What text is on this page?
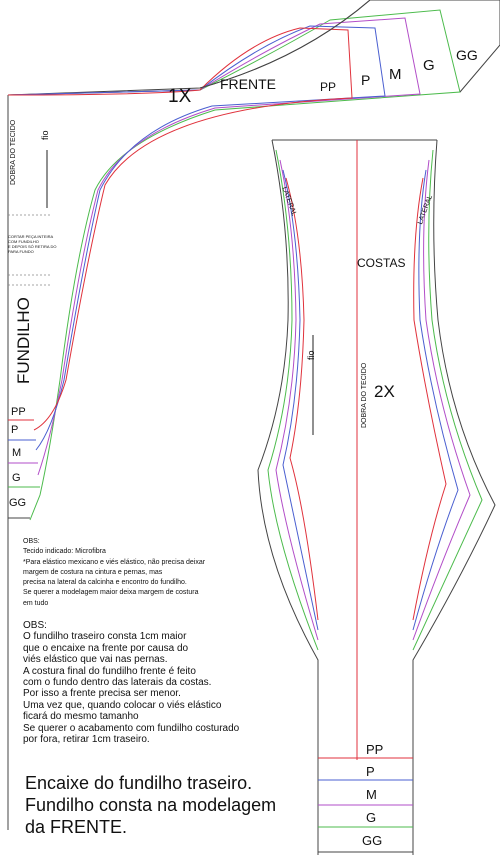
FRENTE
1X	PP P M
G
GG
DOBRA DO TECIDO	fio
CORTAR PEÇA INTEIRA
COM FUNDILHO
E DEPOIS SÓ RETIRA DO
PARA FUNDO
FUNDILHO
PP
P
M
G
GG
COSTAS
2X
DOBRA DO TECIDO
fio
LATERAL	LATERAL
PP
P
M
G
GG
OBS:
Tecido indicado: Microfibra
*Para elástico mexicano e viés elástico, não precisa deixar
margem de costura na cintura e pernas, mas
precisa na lateral da calcinha e encontro do fundilho.
Se querer a modelagem maior deixa margem de costura
em tudo
OBS:
O fundilho traseiro consta 1cm maior
que o encaixe na frente por causa do
viés elástico que vai nas pernas.
A costura final do fundilho frente é feito
com o fundo dentro das laterais da costas.
Por isso a frente precisa ser menor.
Uma vez que, quando colocar o viés elástico
ficará do mesmo tamanho
Se querer o acabamento com fundilho costurado
por fora, retirar 1cm traseiro.
Encaixe do fundilho traseiro.
Fundilho consta na modelagem
da FRENTE.
